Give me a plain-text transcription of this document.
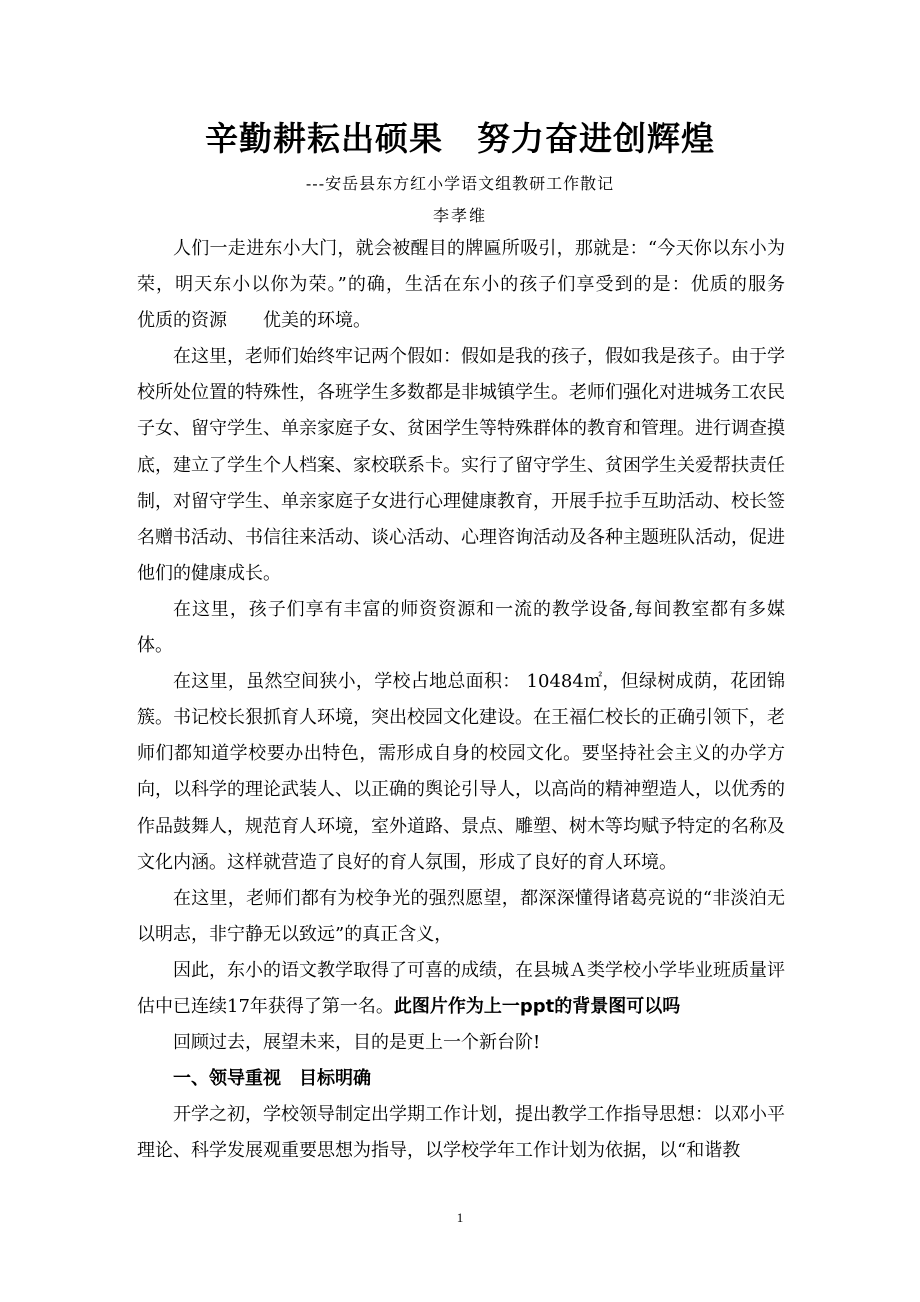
辛勤耕耘出硕果　努力奋进创辉煌
---安岳县东方红小学语文组教研工作散记
李孝维

人们一走进东小大门，就会被醒目的牌匾所吸引，那就是：“今天你以东小为荣，明天东小以你为荣。”的确，生活在东小的孩子们享受到的是：优质的服务　优质的资源　　优美的环境。

在这里，老师们始终牢记两个假如：假如是我的孩子，假如我是孩子。由于学校所处位置的特殊性，各班学生多数都是非城镇学生。老师们强化对进城务工农民子女、留守学生、单亲家庭子女、贫困学生等特殊群体的教育和管理。进行调查摸底，建立了学生个人档案、家校联系卡。实行了留守学生、贫困学生关爱帮扶责任制，对留守学生、单亲家庭子女进行心理健康教育，开展手拉手互助活动、校长签名赠书活动、书信往来活动、谈心活动、心理咨询活动及各种主题班队活动，促进他们的健康成长。

在这里，孩子们享有丰富的师资资源和一流的教学设备,每间教室都有多媒体。

在这里，虽然空间狭小，学校占地总面积： 10484㎡，但绿树成荫，花团锦簇。书记校长狠抓育人环境，突出校园文化建设。在王福仁校长的正确引领下，老师们都知道学校要办出特色，需形成自身的校园文化。要坚持社会主义的办学方向，以科学的理论武装人、以正确的舆论引导人，以高尚的精神塑造人，以优秀的作品鼓舞人，规范育人环境，室外道路、景点、雕塑、树木等均赋予特定的名称及文化内涵。这样就营造了良好的育人氛围，形成了良好的育人环境。

在这里，老师们都有为校争光的强烈愿望，都深深懂得诸葛亮说的“非淡泊无以明志，非宁静无以致远”的真正含义，

因此，东小的语文教学取得了可喜的成绩，在县城Ａ类学校小学毕业班质量评估中已连续17年获得了第一名。此图片作为上一ppt的背景图可以吗

回顾过去，展望未来，目的是更上一个新台阶!

一、领导重视　目标明确

开学之初，学校领导制定出学期工作计划，提出教学工作指导思想：以邓小平理论、科学发展观重要思想为指导，以学校学年工作计划为依据，以“和谐教

1
